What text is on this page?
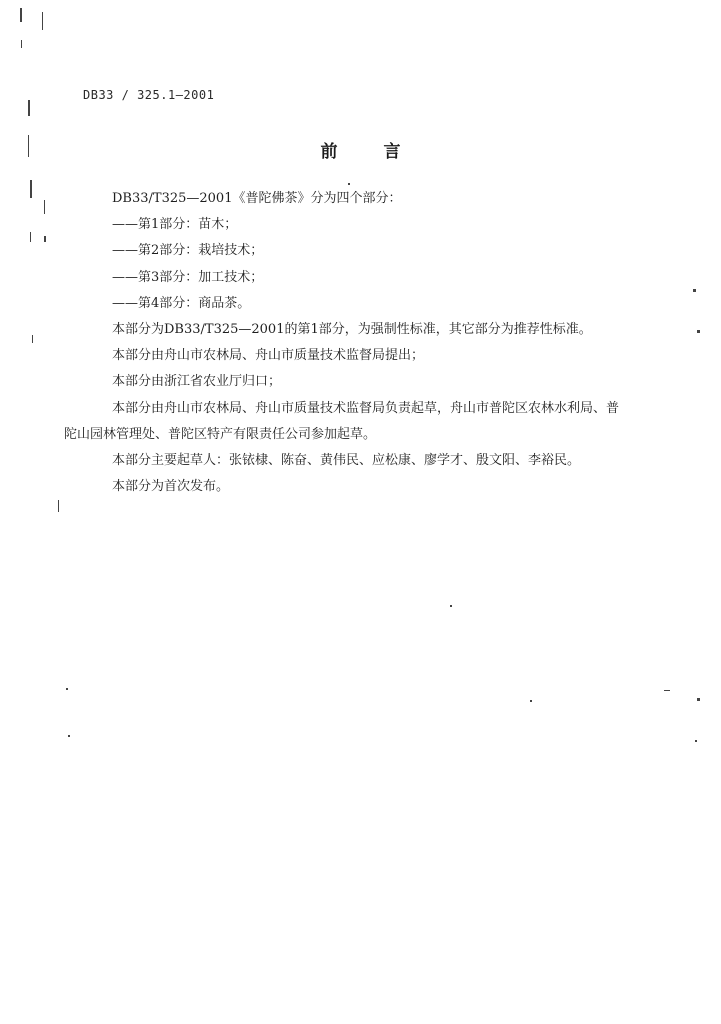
DB33 / 325.1—2001
前言

DB33/T325—2001《普陀佛茶》分为四个部分：

——第1部分：苗木；

——第2部分：栽培技术；

——第3部分：加工技术；

——第4部分：商品茶。

本部分为DB33/T325—2001的第1部分，为强制性标准，其它部分为推荐性标准。

本部分由舟山市农林局、舟山市质量技术监督局提出；

本部分由浙江省农业厅归口；

本部分由舟山市农林局、舟山市质量技术监督局负责起草，舟山市普陀区农林水利局、普

陀山园林管理处、普陀区特产有限责任公司参加起草。

本部分主要起草人：张铱棣、陈奋、黄伟民、应松康、廖学才、殷文阳、李裕民。

本部分为首次发布。
